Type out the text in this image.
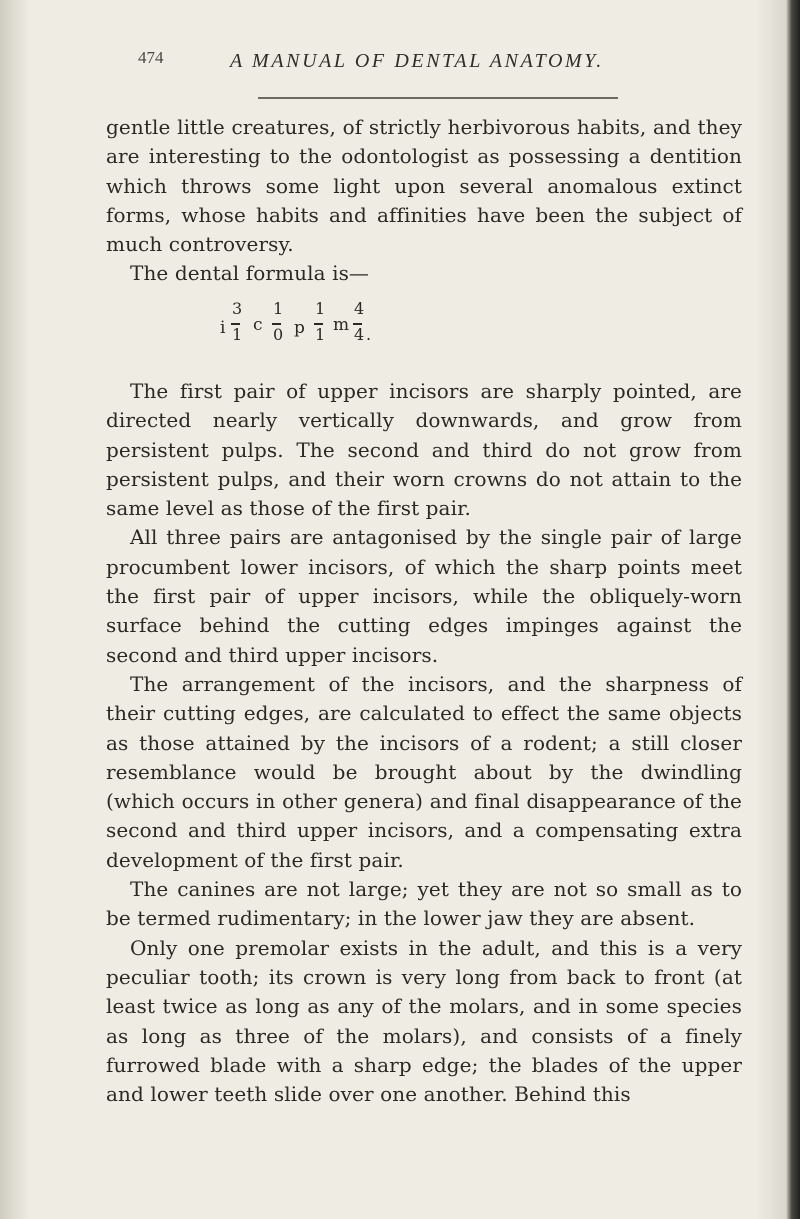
474	A MANUAL OF DENTAL ANATOMY.

gentle little creatures, of strictly herbivorous habits, and they are interesting to the odontologist as possessing a dentition which throws some light upon several anomalous extinct forms, whose habits and affinities have been the subject of much controversy.

The dental formula is—

i
3
1 c
1
0 p
1
1 m
4
4 .

The first pair of upper incisors are sharply pointed, are directed nearly vertically downwards, and grow from persistent pulps. The second and third do not grow from persistent pulps, and their worn crowns do not attain to the same level as those of the first pair.

All three pairs are antagonised by the single pair of large procumbent lower incisors, of which the sharp points meet the first pair of upper incisors, while the obliquely-worn surface behind the cutting edges impinges against the second and third upper incisors.

The arrangement of the incisors, and the sharpness of their cutting edges, are calculated to effect the same objects as those attained by the incisors of a rodent; a still closer resemblance would be brought about by the dwindling (which occurs in other genera) and final disappearance of the second and third upper incisors, and a compensating extra development of the first pair.

The canines are not large; yet they are not so small as to be termed rudimentary; in the lower jaw they are absent.

Only one premolar exists in the adult, and this is a very peculiar tooth; its crown is very long from back to front (at least twice as long as any of the molars, and in some species as long as three of the molars), and consists of a finely furrowed blade with a sharp edge; the blades of the upper and lower teeth slide over one another. Behind this
